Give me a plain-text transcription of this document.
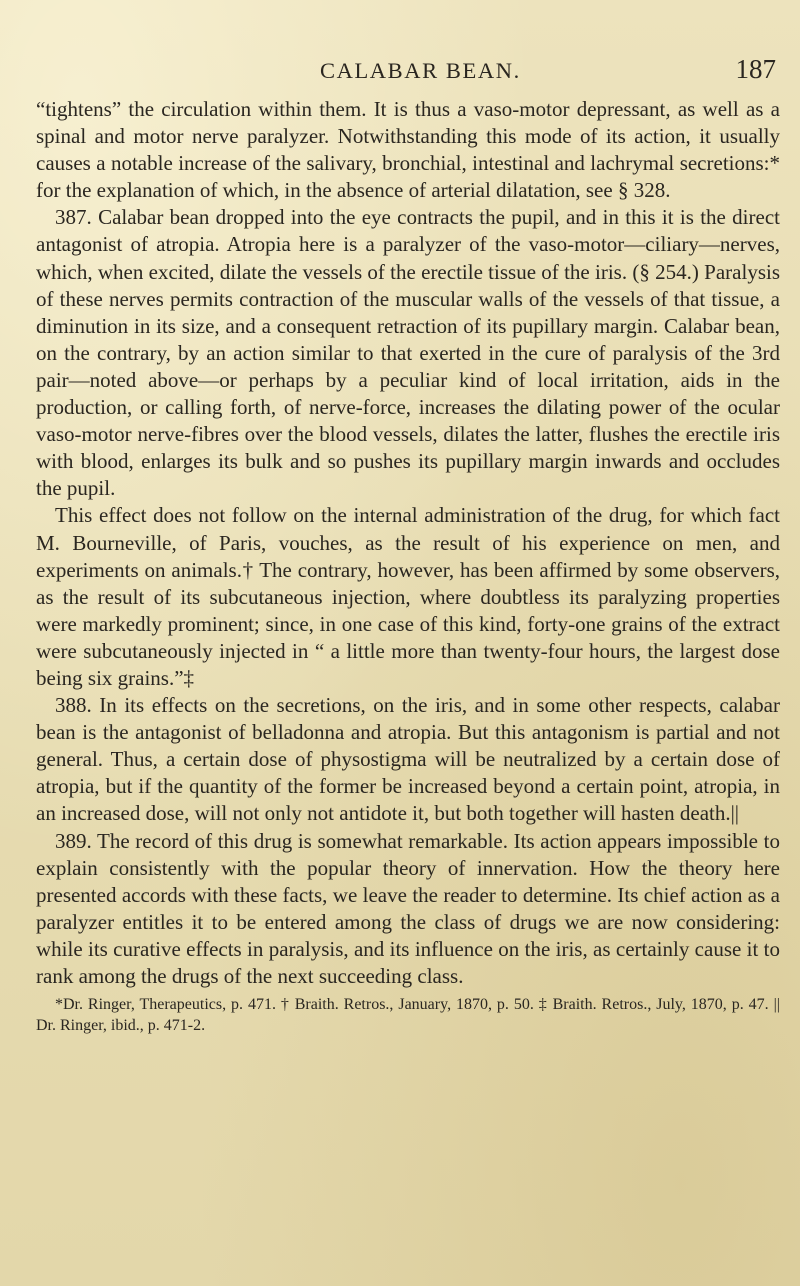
CALABAR BEAN.	187

“tightens” the circulation within them. It is thus a vaso-motor depressant, as well as a spinal and motor nerve paralyzer. Notwithstanding this mode of its action, it usually causes a notable increase of the salivary, bronchial, intestinal and lachrymal secretions:* for the explanation of which, in the absence of arterial dilatation, see § 328.

387. Calabar bean dropped into the eye contracts the pupil, and in this it is the direct antagonist of atropia. Atropia here is a paralyzer of the vaso-motor—ciliary—nerves, which, when excited, dilate the vessels of the erectile tissue of the iris. (§ 254.) Paralysis of these nerves permits contraction of the muscular walls of the vessels of that tissue, a diminution in its size, and a consequent retraction of its pupillary margin. Calabar bean, on the contrary, by an action similar to that exerted in the cure of paralysis of the 3rd pair—noted above—or perhaps by a peculiar kind of local irritation, aids in the production, or calling forth, of nerve-force, increases the dilating power of the ocular vaso-motor nerve-fibres over the blood vessels, dilates the latter, flushes the erectile iris with blood, enlarges its bulk and so pushes its pupillary margin inwards and occludes the pupil.

This effect does not follow on the internal administration of the drug, for which fact M. Bourneville, of Paris, vouches, as the result of his experience on men, and experiments on animals.† The contrary, however, has been affirmed by some observers, as the result of its subcutaneous injection, where doubtless its paralyzing properties were markedly prominent; since, in one case of this kind, forty-one grains of the extract were subcutaneously injected in “ a little more than twenty-four hours, the largest dose being six grains.”‡

388. In its effects on the secretions, on the iris, and in some other respects, calabar bean is the antagonist of belladonna and atropia. But this antagonism is partial and not general. Thus, a certain dose of physostigma will be neutralized by a certain dose of atropia, but if the quantity of the former be increased beyond a certain point, atropia, in an increased dose, will not only not antidote it, but both together will hasten death.||

389. The record of this drug is somewhat remarkable. Its action appears impossible to explain consistently with the popular theory of innervation. How the theory here presented accords with these facts, we leave the reader to determine. Its chief action as a paralyzer entitles it to be entered among the class of drugs we are now considering: while its curative effects in paralysis, and its influence on the iris, as certainly cause it to rank among the drugs of the next succeeding class.

*Dr. Ringer, Therapeutics, p. 471. † Braith. Retros., January, 1870, p. 50. ‡ Braith. Retros., July, 1870, p. 47. || Dr. Ringer, ibid., p. 471-2.
